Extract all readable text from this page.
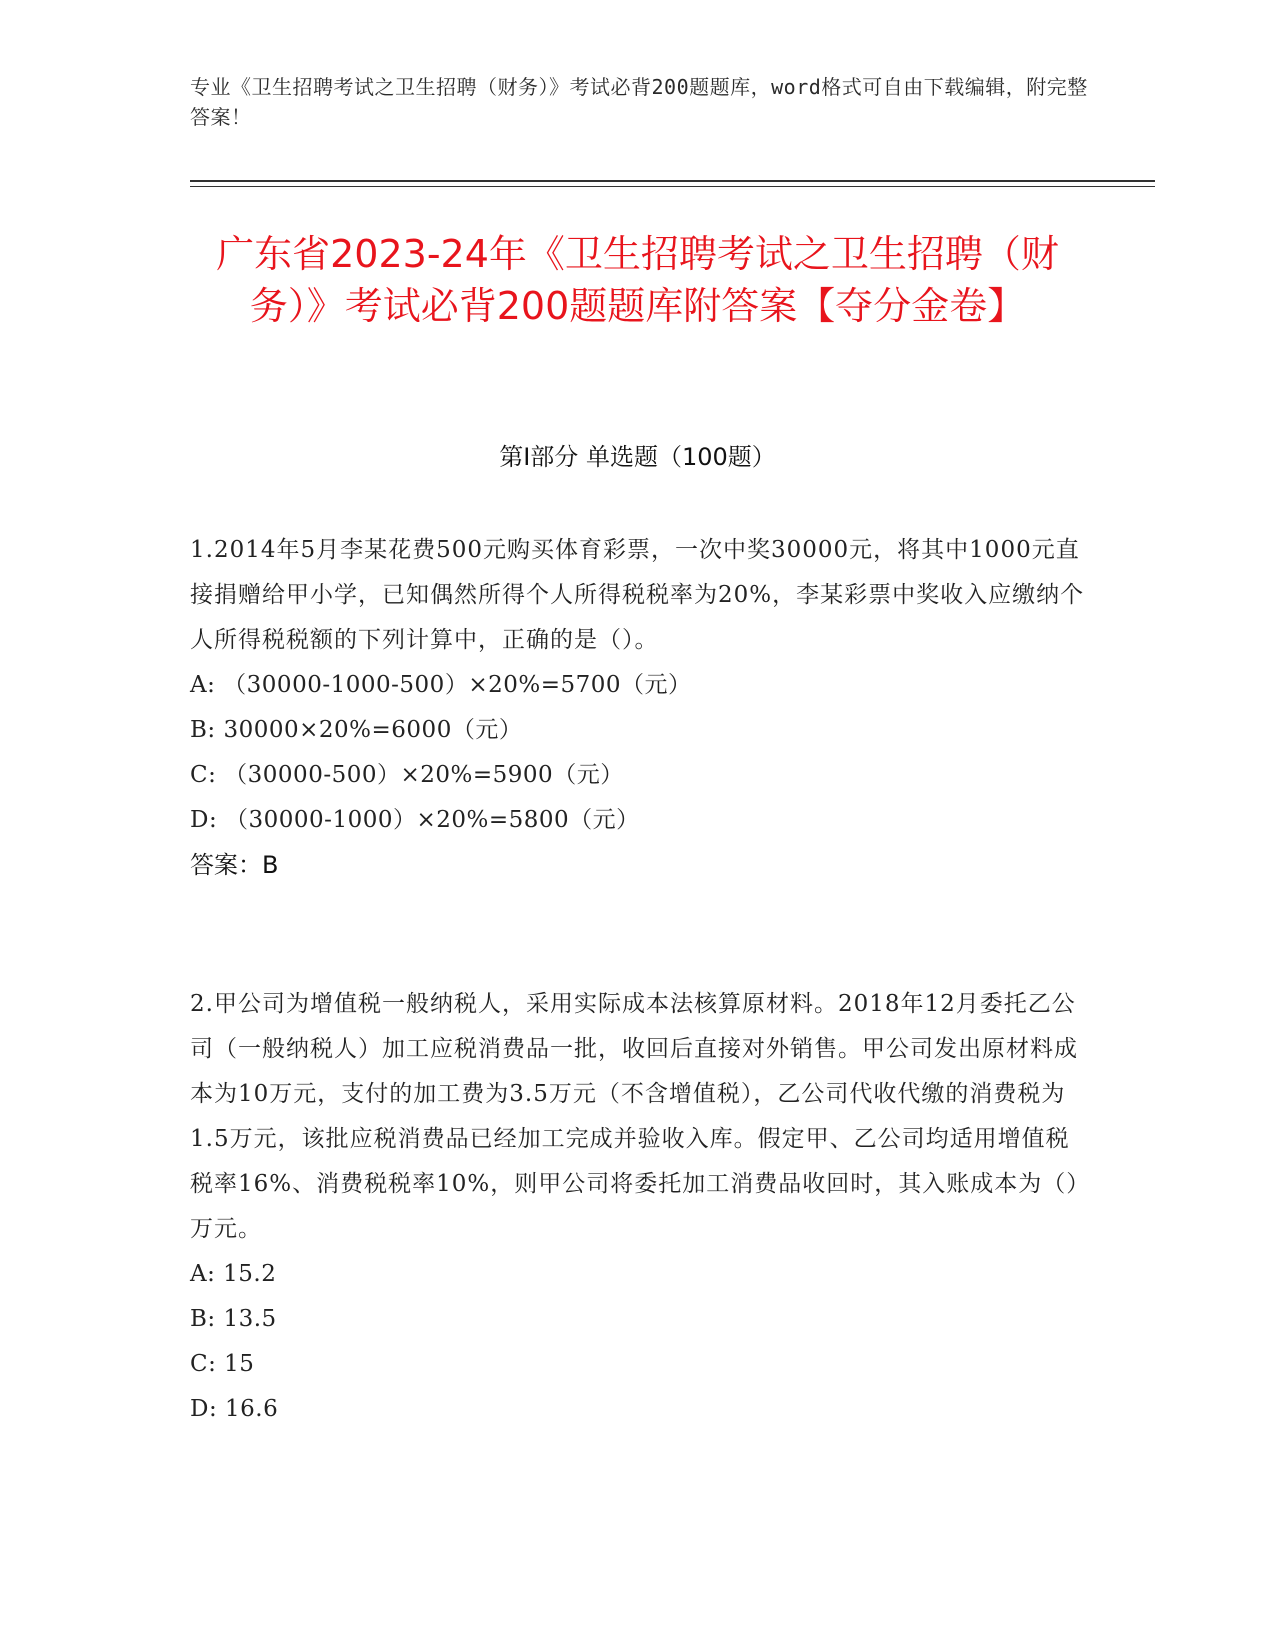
专业《卫生招聘考试之卫生招聘（财务）》考试必背200题题库，word格式可自由下载编辑，附完整答案！
广东省2023-24年《卫生招聘考试之卫生招聘（财务）》考试必背200题题库附答案【夺分金卷】
第I部分 单选题（100题）
1.2014年5月李某花费500元购买体育彩票，一次中奖30000元，将其中1000元直接捐赠给甲小学，已知偶然所得个人所得税税率为20%，李某彩票中奖收入应缴纳个人所得税税额的下列计算中，正确的是（）。
A: （30000-1000-500）×20%=5700（元）
B: 30000×20%=6000（元）
C: （30000-500）×20%=5900（元）
D: （30000-1000）×20%=5800（元）
答案：B
2.甲公司为增值税一般纳税人，采用实际成本法核算原材料。2018年12月委托乙公司（一般纳税人）加工应税消费品一批，收回后直接对外销售。甲公司发出原材料成本为10万元，支付的加工费为3.5万元（不含增值税），乙公司代收代缴的消费税为1.5万元，该批应税消费品已经加工完成并验收入库。假定甲、乙公司均适用增值税税率16%、消费税税率10%，则甲公司将委托加工消费品收回时，其入账成本为（）万元。
A: 15.2
B: 13.5
C: 15
D: 16.6
